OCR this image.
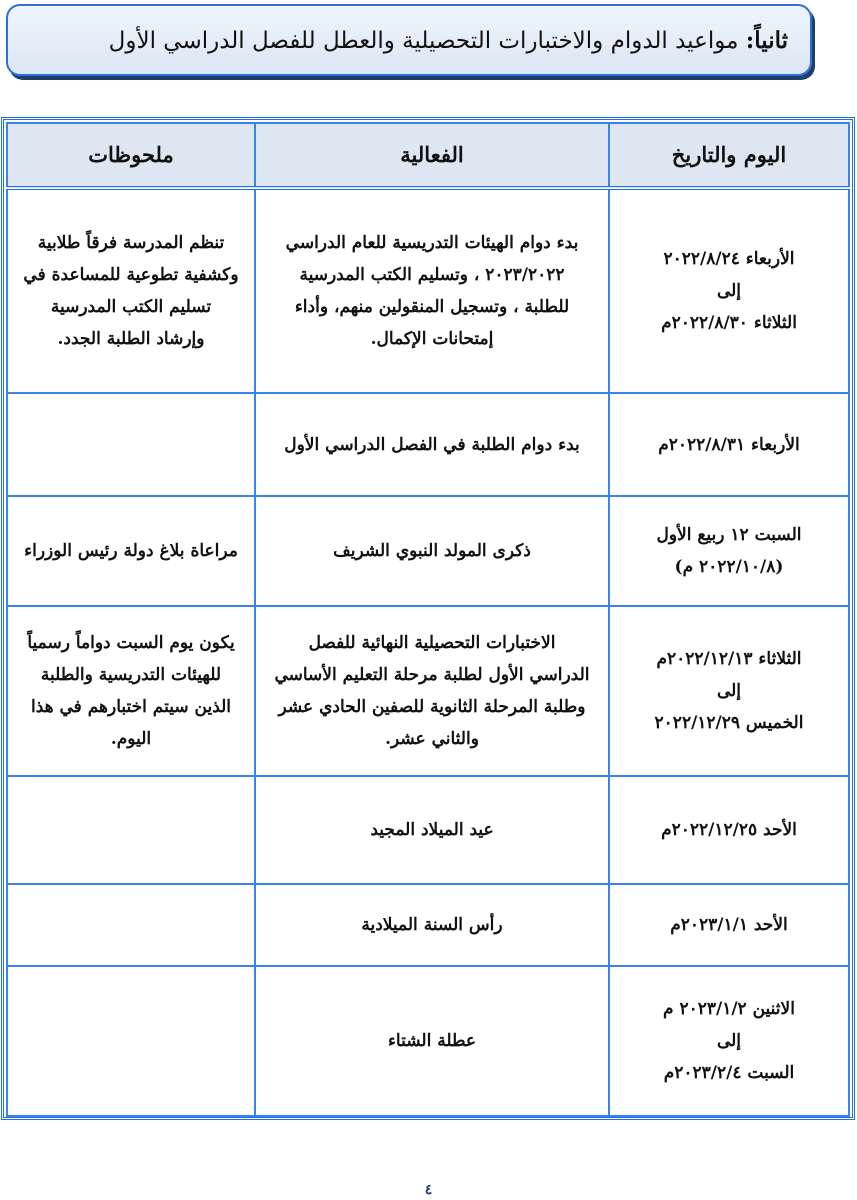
ثانياً: مواعيد الدوام والاختبارات التحصيلية والعطل للفصل الدراسي الأول
اليوم والتاريخ	الفعالية	ملحوظات

الأربعاء ٢٠٢٢/٨/٢٤
إلى
الثلاثاء ٢٠٢٢/٨/٣٠م	بدء دوام الهيئات التدريسية للعام الدراسي
٢٠٢٣/٢٠٢٢ ، وتسليم الكتب المدرسية
للطلبة ، وتسجيل المنقولين منهم، وأداء
إمتحانات الإكمال.	تنظم المدرسة فرقاً طلابية
وكشفية تطوعية للمساعدة في
تسليم الكتب المدرسية
وإرشاد الطلبة الجدد.

الأربعاء ٢٠٢٢/٨/٣١م	بدء دوام الطلبة في الفصل الدراسي الأول	

السبت ١٢ ربيع الأول
(٢٠٢٢/١٠/٨ م)	ذكرى المولد النبوي الشريف	مراعاة بلاغ دولة رئيس الوزراء

الثلاثاء ٢٠٢٢/١٢/١٣م
إلى
الخميس ٢٠٢٢/١٢/٢٩	الاختبارات التحصيلية النهائية للفصل
الدراسي الأول لطلبة مرحلة التعليم الأساسي
وطلبة المرحلة الثانوية للصفين الحادي عشر
والثاني عشر.	يكون يوم السبت دواماً رسمياً
للهيئات التدريسية والطلبة
الذين سيتم اختبارهم في هذا
اليوم.

الأحد ٢٠٢٢/١٢/٢٥م	عيد الميلاد المجيد	

الأحد ٢٠٢٣/١/١م	رأس السنة الميلادية	

الاثنين ٢٠٢٣/١/٢ م
إلى
السبت ٢٠٢٣/٢/٤م	عطلة الشتاء	

٤
